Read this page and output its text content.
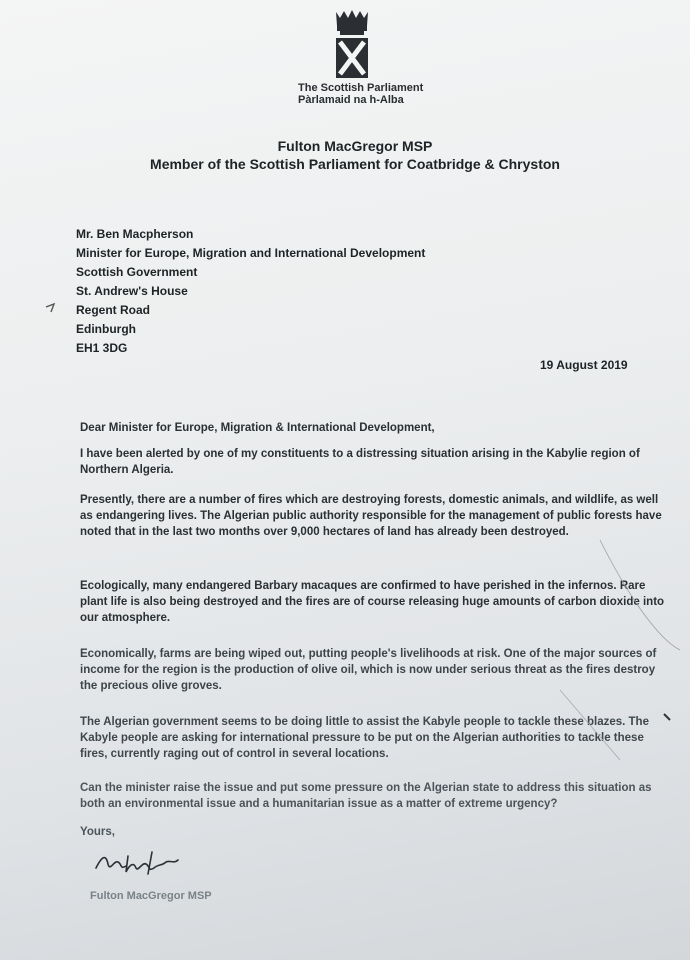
The Scottish Parliament
Pàrlamaid na h-Alba
Fulton MacGregor MSP
Member of the Scottish Parliament for Coatbridge & Chryston
Mr. Ben Macpherson
Minister for Europe, Migration and International Development
Scottish Government
St. Andrew's House
Regent Road
Edinburgh
EH1 3DG
19 August 2019
Dear Minister for Europe, Migration & International Development,
I have been alerted by one of my constituents to a distressing situation arising in the Kabylie region of Northern Algeria.
Presently, there are a number of fires which are destroying forests, domestic animals, and wildlife, as well as endangering lives. The Algerian public authority responsible for the management of public forests have noted that in the last two months over 9,000 hectares of land has already been destroyed.
Ecologically, many endangered Barbary macaques are confirmed to have perished in the infernos. Rare plant life is also being destroyed and the fires are of course releasing huge amounts of carbon dioxide into our atmosphere.
Economically, farms are being wiped out, putting people's livelihoods at risk. One of the major sources of income for the region is the production of olive oil, which is now under serious threat as the fires destroy the precious olive groves.
The Algerian government seems to be doing little to assist the Kabyle people to tackle these blazes. The Kabyle people are asking for international pressure to be put on the Algerian authorities to tackle these fires, currently raging out of control in several locations.
Can the minister raise the issue and put some pressure on the Algerian state to address this situation as both an environmental issue and a humanitarian issue as a matter of extreme urgency?
Yours,
Fulton MacGregor MSP
